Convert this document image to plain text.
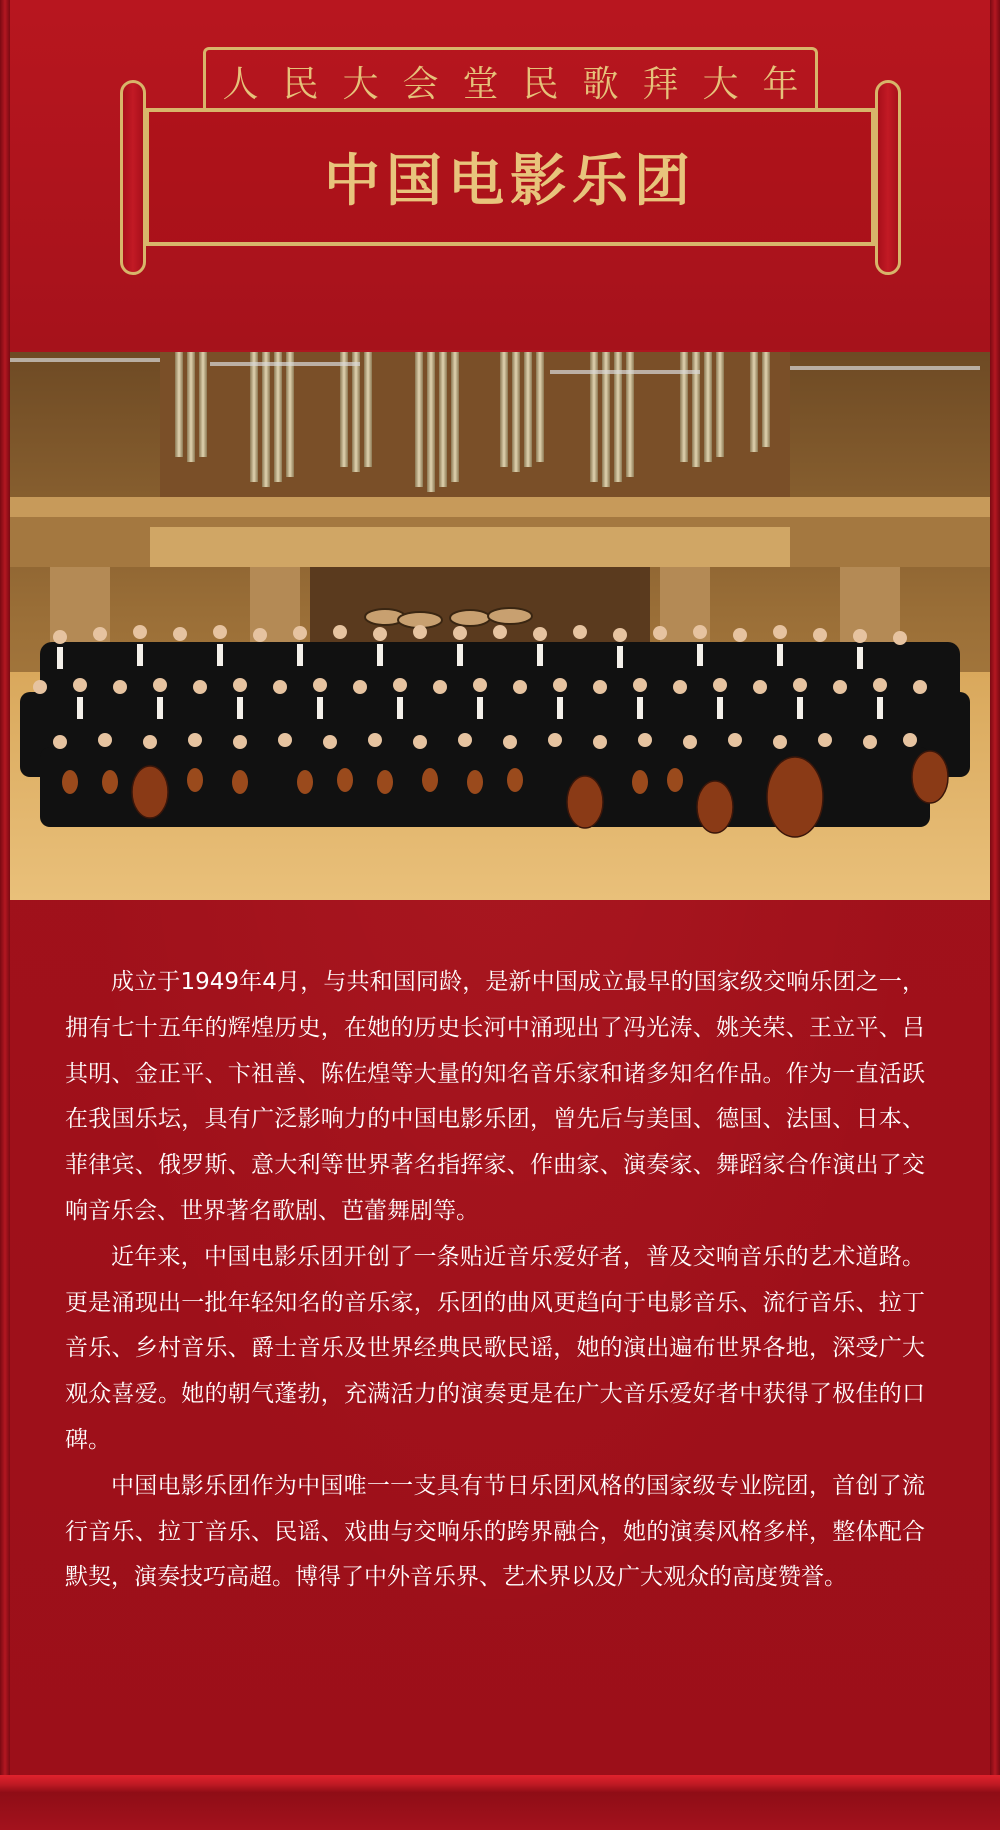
人民大会堂民歌拜大年
中国电影乐团

成立于1949年4月，与共和国同龄，是新中国成立最早的国家级交响乐团之一，拥有七十五年的辉煌历史，在她的历史长河中涌现出了冯光涛、姚关荣、王立平、吕其明、金正平、卞祖善、陈佐煌等大量的知名音乐家和诸多知名作品。作为一直活跃在我国乐坛，具有广泛影响力的中国电影乐团，曾先后与美国、德国、法国、日本、菲律宾、俄罗斯、意大利等世界著名指挥家、作曲家、演奏家、舞蹈家合作演出了交响音乐会、世界著名歌剧、芭蕾舞剧等。

近年来，中国电影乐团开创了一条贴近音乐爱好者，普及交响音乐的艺术道路。更是涌现出一批年轻知名的音乐家，乐团的曲风更趋向于电影音乐、流行音乐、拉丁音乐、乡村音乐、爵士音乐及世界经典民歌民谣，她的演出遍布世界各地，深受广大观众喜爱。她的朝气蓬勃，充满活力的演奏更是在广大音乐爱好者中获得了极佳的口碑。

中国电影乐团作为中国唯一一支具有节日乐团风格的国家级专业院团，首创了流行音乐、拉丁音乐、民谣、戏曲与交响乐的跨界融合，她的演奏风格多样，整体配合默契，演奏技巧高超。博得了中外音乐界、艺术界以及广大观众的高度赞誉。
